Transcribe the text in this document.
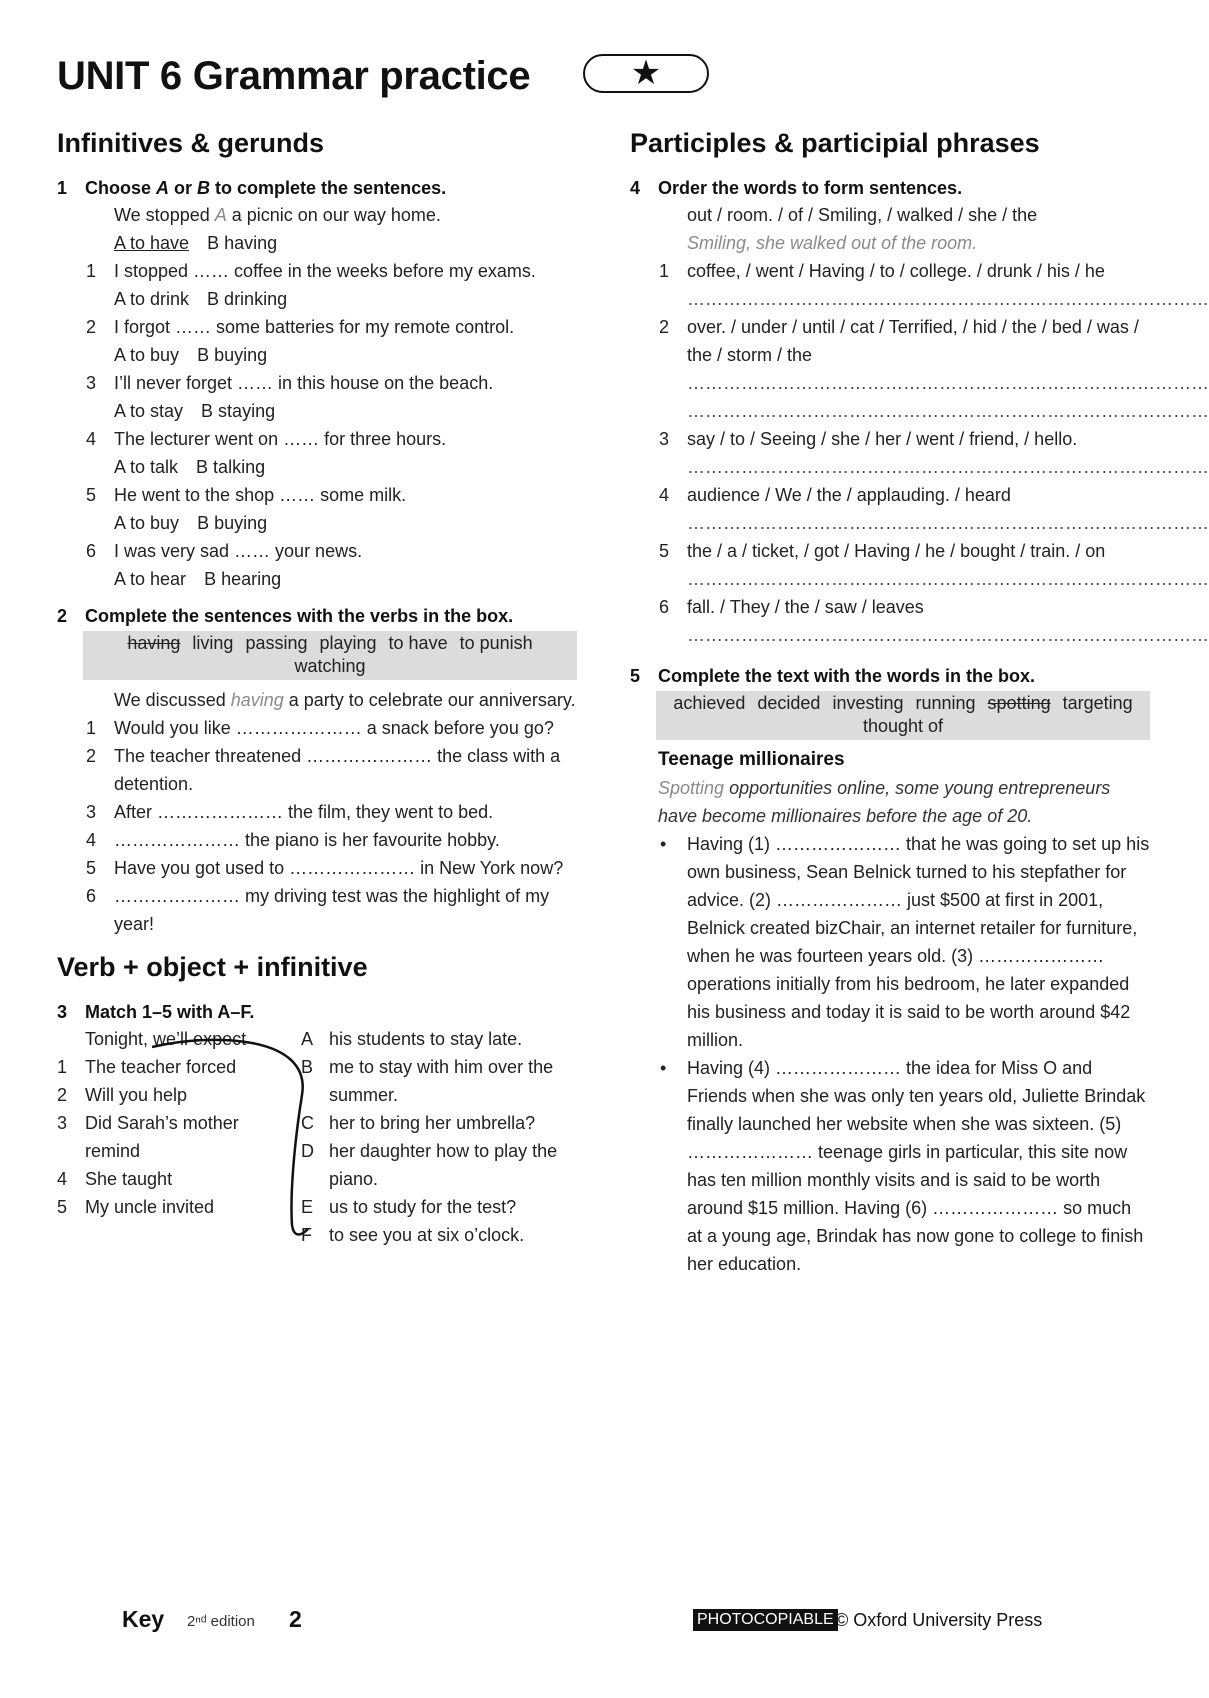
UNIT 6 Grammar practice	★
Infinitives & gerunds
1 Choose A or B to complete the sentences.
We stopped A a picnic on our way home.
A to have B having
1 I stopped …… coffee in the weeks before my exams.
A to drink B drinking
2 I forgot …… some batteries for my remote control.
A to buy B buying
3 I’ll never forget …… in this house on the beach.
A to stay B staying
4 The lecturer went on …… for three hours.
A to talk B talking
5 He went to the shop …… some milk.
A to buy B buying
6 I was very sad …… your news.
A to hear B hearing
2 Complete the sentences with the verbs in the box.
having living passing playing to have to punishwatching
We discussed having a party to celebrate our anniversary.
1 Would you like ………………… a snack before you go?
2 The teacher threatened ………………… the class with a detention.
3 After ………………… the film, they went to bed.
4 ………………… the piano is her favourite hobby.
5 Have you got used to ………………… in New York now?
6 ………………… my driving test was the highlight of my year!
Verb + object + infinitive
3 Match 1–5 with A–F.
Tonight, we’ll expect
1 The teacher forced
2 Will you help
3 Did Sarah’s mother remind
4 She taught
5 My uncle invited
A his students to stay late.
B me to stay with him over the summer.
C her to bring her umbrella?
D her daughter how to play the piano.
E us to study for the test?
F to see you at six o’clock.
Participles & participial phrases
4 Order the words to form sentences.
out / room. / of / Smiling, / walked / she / the
Smiling, she walked out of the room.
1 coffee, / went / Having / to / college. / drunk / his / he
……………………………………………………………………………
2 over. / under / until / cat / Terrified, / hid / the / bed / was / the / storm / the
……………………………………………………………………………
……………………………………………………………………………
3 say / to / Seeing / she / her / went / friend, / hello.
……………………………………………………………………………
4 audience / We / the / applauding. / heard
……………………………………………………………………………
5 the / a / ticket, / got / Having / he / bought / train. / on
……………………………………………………………………………
6 fall. / They / the / saw / leaves
……………………………………………………………………………
5 Complete the text with the words in the box.
achieved decided investing running spotting targetingthought of
Teenage millionaires
Spotting opportunities online, some young entrepreneurs have become millionaires before the age of 20.
• Having (1) ………………… that he was going to set up his own business, Sean Belnick turned to his stepfather for advice. (2) ………………… just $500 at first in 2001, Belnick created bizChair, an internet retailer for furniture, when he was fourteen years old. (3) ………………… operations initially from his bedroom, he later expanded his business and today it is said to be worth around $42 million.
• Having (4) ………………… the idea for Miss O and Friends when she was only ten years old, Juliette Brindak finally launched her website when she was sixteen. (5) ………………… teenage girls in particular, this site now has ten million monthly visits and is said to be worth around $15 million. Having (6) ………………… so much at a young age, Brindak has now gone to college to finish her education.
Key 2ⁿᵈ edition 2	PHOTOCOPIABLE © Oxford University Press
